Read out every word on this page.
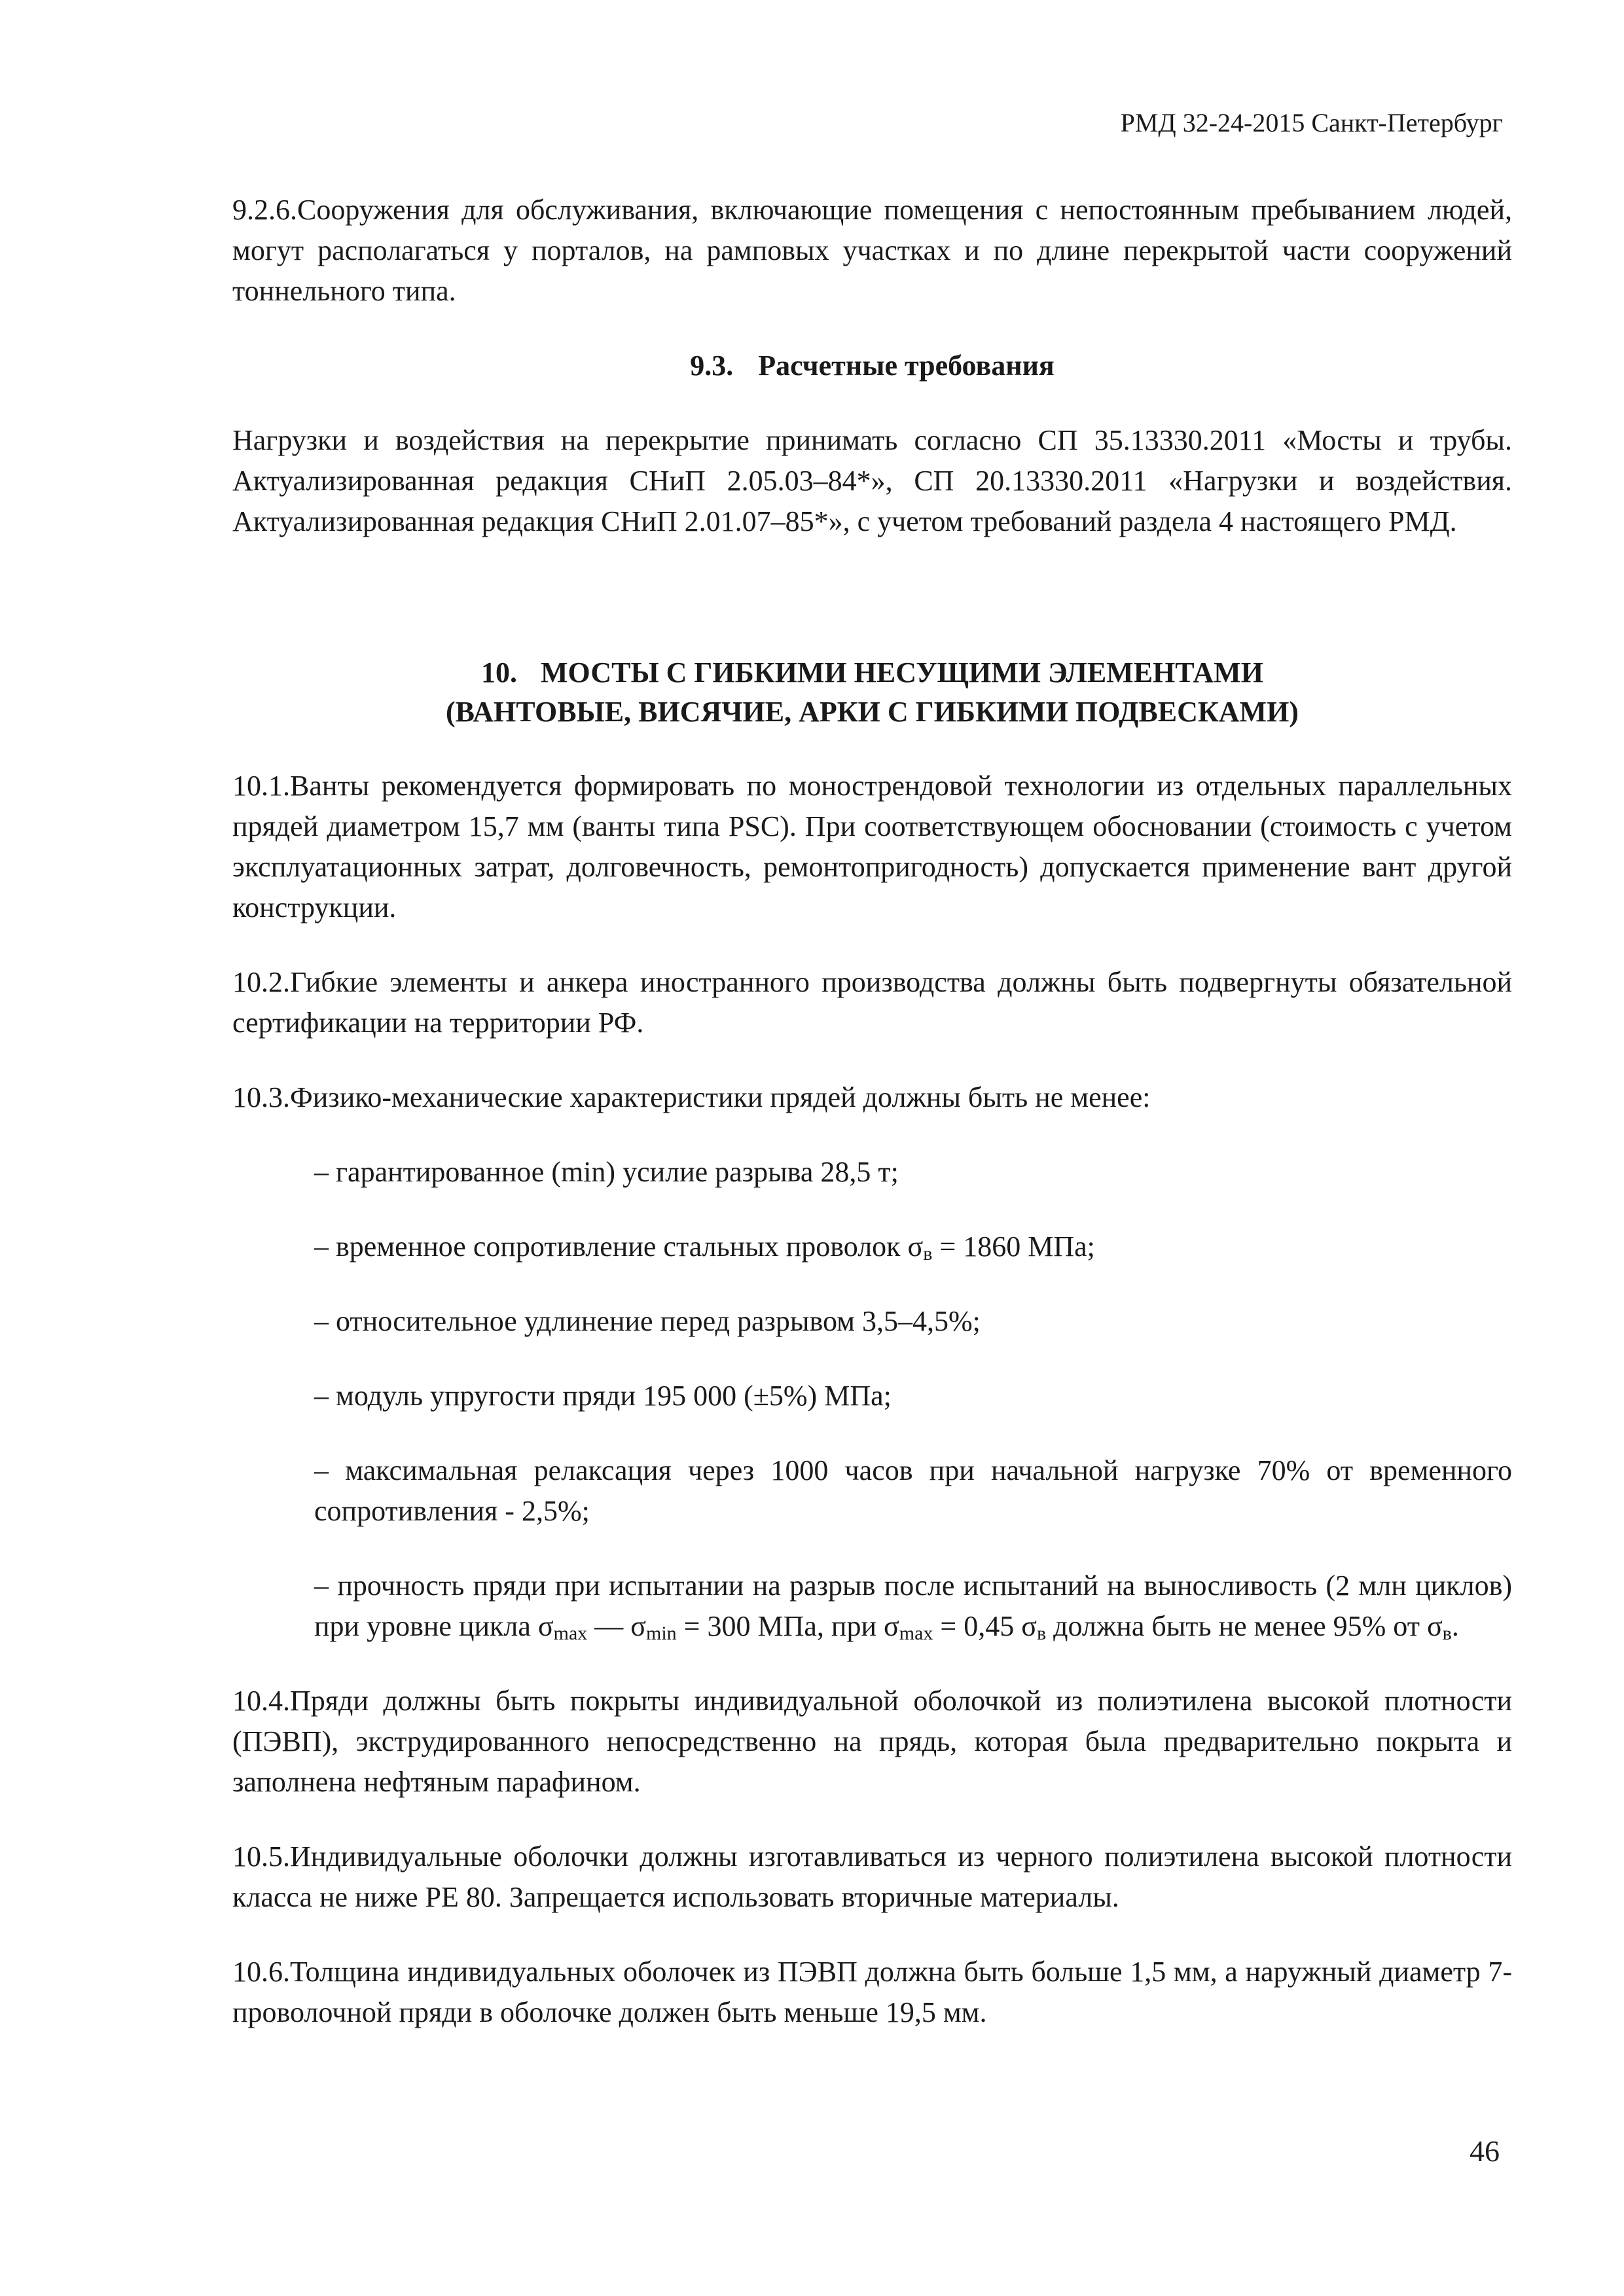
РМД 32-24-2015 Санкт-Петербург

9.2.6.Сооружения для обслуживания, включающие помещения с непостоянным пребыванием людей, могут располагаться у порталов, на рамповых участках и по длине перекрытой части сооружений тоннельного типа.

9.3. Расчетные требования

Нагрузки и воздействия на перекрытие принимать согласно СП 35.13330.2011 «Мосты и трубы. Актуализированная редакция СНиП 2.05.03–84*», СП 20.13330.2011 «Нагрузки и воздействия. Актуализированная редакция СНиП 2.01.07–85*», с учетом требований раздела 4 настоящего РМД.

10. МОСТЫ С ГИБКИМИ НЕСУЩИМИ ЭЛЕМЕНТАМИ
(ВАНТОВЫЕ, ВИСЯЧИЕ, АРКИ С ГИБКИМИ ПОДВЕСКАМИ)

10.1.Ванты рекомендуется формировать по монострендовой технологии из отдельных параллельных прядей диаметром 15,7 мм (ванты типа PSC). При соответствующем обосновании (стоимость с учетом эксплуатационных затрат, долговечность, ремонтопригодность) допускается применение вант другой конструкции.

10.2.Гибкие элементы и анкера иностранного производства должны быть подвергнуты обязательной сертификации на территории РФ.

10.3.Физико-механические характеристики прядей должны быть не менее:

– гарантированное (min) усилие разрыва 28,5 т;

– временное сопротивление стальных проволок $\sigma_в = 1860$ МПа;

– относительное удлинение перед разрывом 3,5–4,5%;

– модуль упругости пряди 195 000 (±5%) МПа;

– максимальная релаксация через 1000 часов при начальной нагрузке 70% от временного сопротивления - 2,5%;

– прочность пряди при испытании на разрыв после испытаний на выносливость (2 млн циклов) при уровне цикла $\sigma_{max}$ — $\sigma_{min} = 300$ МПа, при $\sigma_{max} = 0,45$ $\sigma_в$ должна быть не менее 95% от $\sigma_в$.

10.4.Пряди должны быть покрыты индивидуальной оболочкой из полиэтилена высокой плотности (ПЭВП), экструдированного непосредственно на прядь, которая была предварительно покрыта и заполнена нефтяным парафином.

10.5.Индивидуальные оболочки должны изготавливаться из черного полиэтилена высокой плотности класса не ниже PE 80. Запрещается использовать вторичные материалы.

10.6.Толщина индивидуальных оболочек из ПЭВП должна быть больше 1,5 мм, а наружный диаметр 7-проволочной пряди в оболочке должен быть меньше 19,5 мм.

46
